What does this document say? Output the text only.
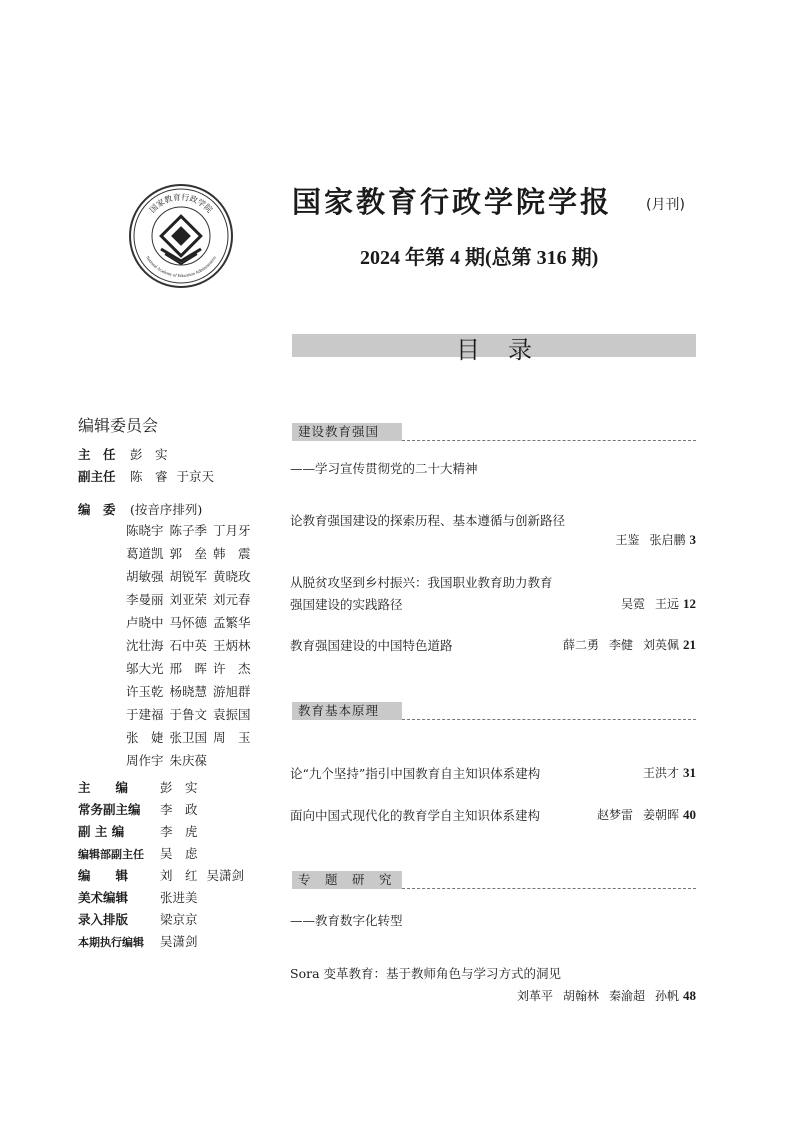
国家教育行政学院
National Academy of Education Administration
国家教育行政学院学报 (月刊)
2024 年第 4 期(总第 316 期)
目录
编辑委员会
主　任 彭　实
副主任 陈　睿 于京天
编　委 (按音序排列)
陈晓宇 陈子季 丁月牙
葛道凯 郭　垒 韩　震
胡敏强 胡锐军 黄晓玫
李曼丽 刘亚荣 刘元春
卢晓中 马怀德 孟繁华
沈壮海 石中英 王炳林
邬大光 邢　晖 许　杰
许玉乾 杨晓慧 游旭群
于建福 于鲁文 袁振国
张　婕 张卫国 周　玉
周作宇 朱庆葆
主　　编	彭　实
常务副主编 李　政
副 主 编	李　虎
编辑部副主任 吴　虑
编　　辑	刘　红 吴潇剑
美术编辑	张进美
录入排版	梁京京
本期执行编辑 吴潇剑
建设教育强国
——学习宣传贯彻党的二十大精神
论教育强国建设的探索历程、基本遵循与创新路径
王鉴 张启鹏 3
从脱贫攻坚到乡村振兴：我国职业教育助力教育
强国建设的实践路径	吴霓 王远 12
教育强国建设的中国特色道路	薛二勇 李健 刘英佩 21
教育基本原理
论“九个坚持”指引中国教育自主知识体系建构	王洪才 31
面向中国式现代化的教育学自主知识体系建构	赵梦雷 姜朝晖 40
专　题　研　究
——教育数字化转型
Sora 变革教育：基于教师角色与学习方式的洞见
刘革平 胡翰林 秦渝超 孙帆 48
